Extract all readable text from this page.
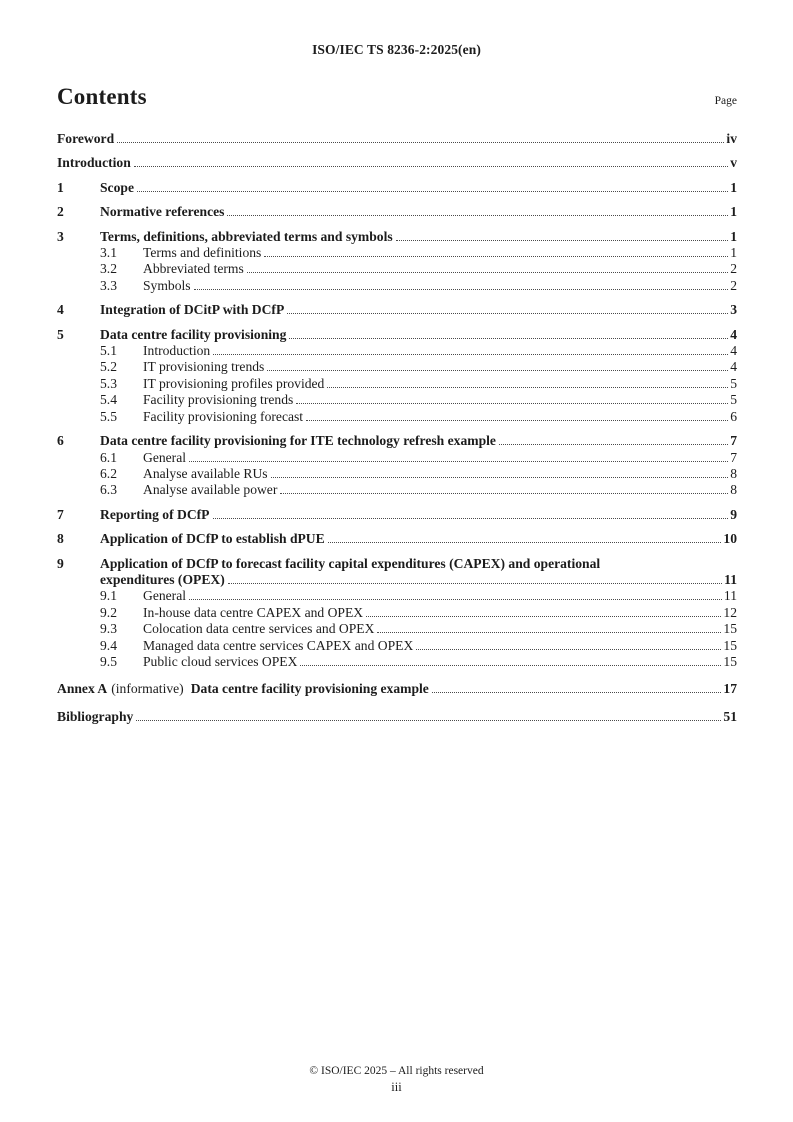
ISO/IEC TS 8236-2:2025(en)
Contents	Page
Foreword	iv
Introduction	v
1	Scope	1
2	Normative references	1
3	Terms, definitions, abbreviated terms and symbols	1
3.1	Terms and definitions	1
3.2	Abbreviated terms	2
3.3	Symbols	2
4	Integration of DCitP with DCfP	3
5	Data centre facility provisioning	4
5.1	Introduction	4
5.2	IT provisioning trends	4
5.3	IT provisioning profiles provided	5
5.4	Facility provisioning trends	5
5.5	Facility provisioning forecast	6
6	Data centre facility provisioning for ITE technology refresh example	7
6.1	General	7
6.2	Analyse available RUs	8
6.3	Analyse available power	8
7	Reporting of DCfP	9
8	Application of DCfP to establish dPUE	10
9	Application of DCfP to forecast facility capital expenditures (CAPEX) and operational
expenditures (OPEX)	11
9.1	General	11
9.2	In-house data centre CAPEX and OPEX	12
9.3	Colocation data centre services and OPEX	15
9.4	Managed data centre services CAPEX and OPEX	15
9.5	Public cloud services OPEX	15
Annex A (informative) Data centre facility provisioning example	17
Bibliography	51
© ISO/IEC 2025 – All rights reserved
iii
